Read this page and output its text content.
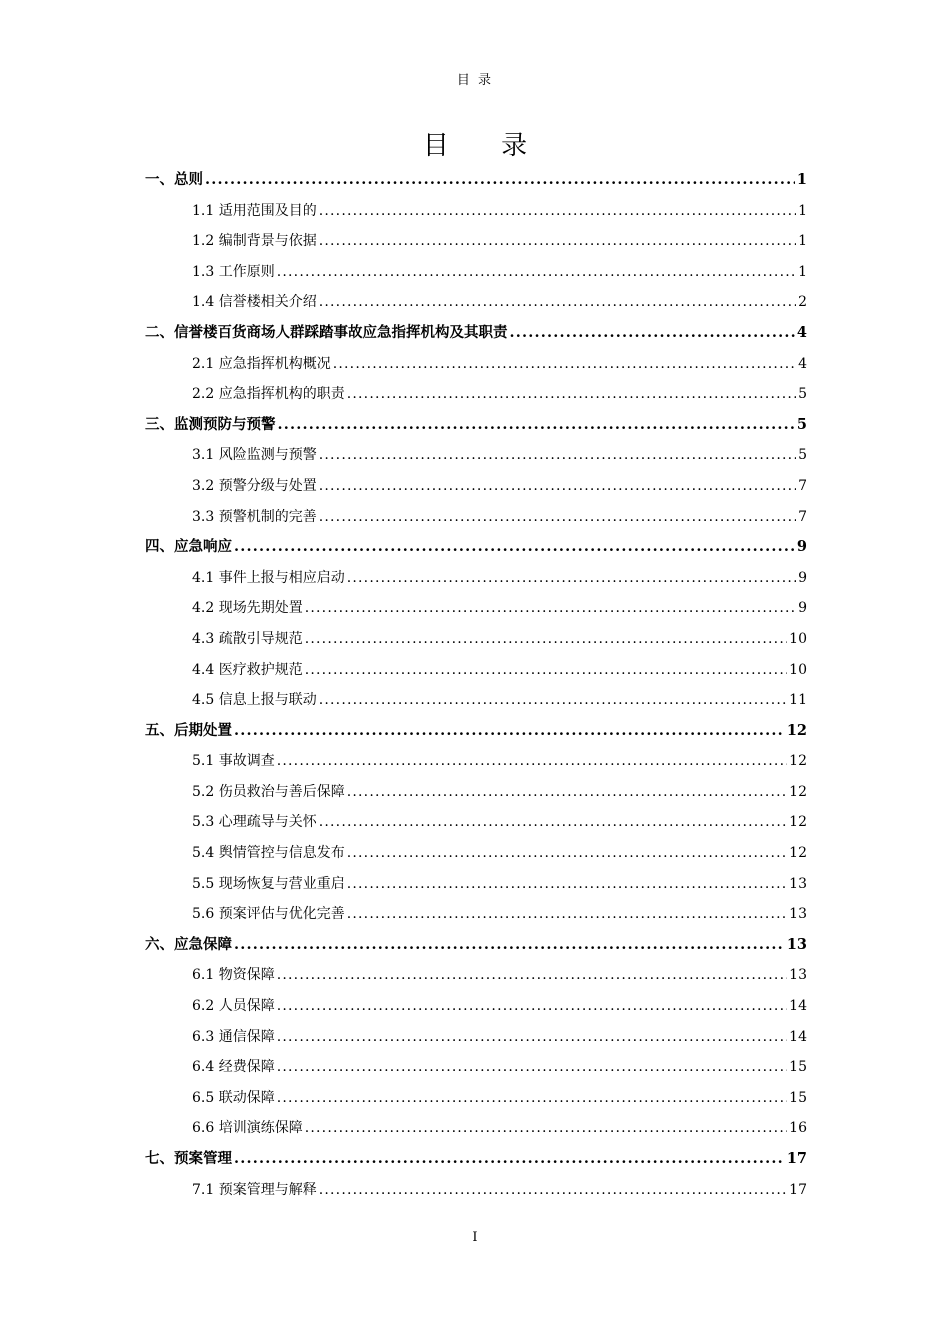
目 录
目 录
一、总则 .....	1
1.1 适用范围及目的 .....	1
1.2 编制背景与依据 .....	1
1.3 工作原则 .....	1
1.4 信誉楼相关介绍 .....	2
二、信誉楼百货商场人群踩踏事故应急指挥机构及其职责 .....	4
2.1 应急指挥机构概况 .....	4
2.2 应急指挥机构的职责 .....	5
三、监测预防与预警 .....	5
3.1 风险监测与预警 .....	5
3.2 预警分级与处置 .....	7
3.3 预警机制的完善 .....	7
四、应急响应 .....	9
4.1 事件上报与相应启动 .....	9
4.2 现场先期处置 .....	9
4.3 疏散引导规范 .....	10
4.4 医疗救护规范 .....	10
4.5 信息上报与联动 .....	11
五、后期处置 .....	12
5.1 事故调查 .....	12
5.2 伤员救治与善后保障 .....	12
5.3 心理疏导与关怀 .....	12
5.4 舆情管控与信息发布 .....	12
5.5 现场恢复与营业重启 .....	13
5.6 预案评估与优化完善 .....	13
六、应急保障 .....	13
6.1 物资保障 .....	13
6.2 人员保障 .....	14
6.3 通信保障 .....	14
6.4 经费保障 .....	15
6.5 联动保障 .....	15
6.6 培训演练保障 .....	16
七、预案管理 .....	17
7.1 预案管理与解释 .....	17
I
